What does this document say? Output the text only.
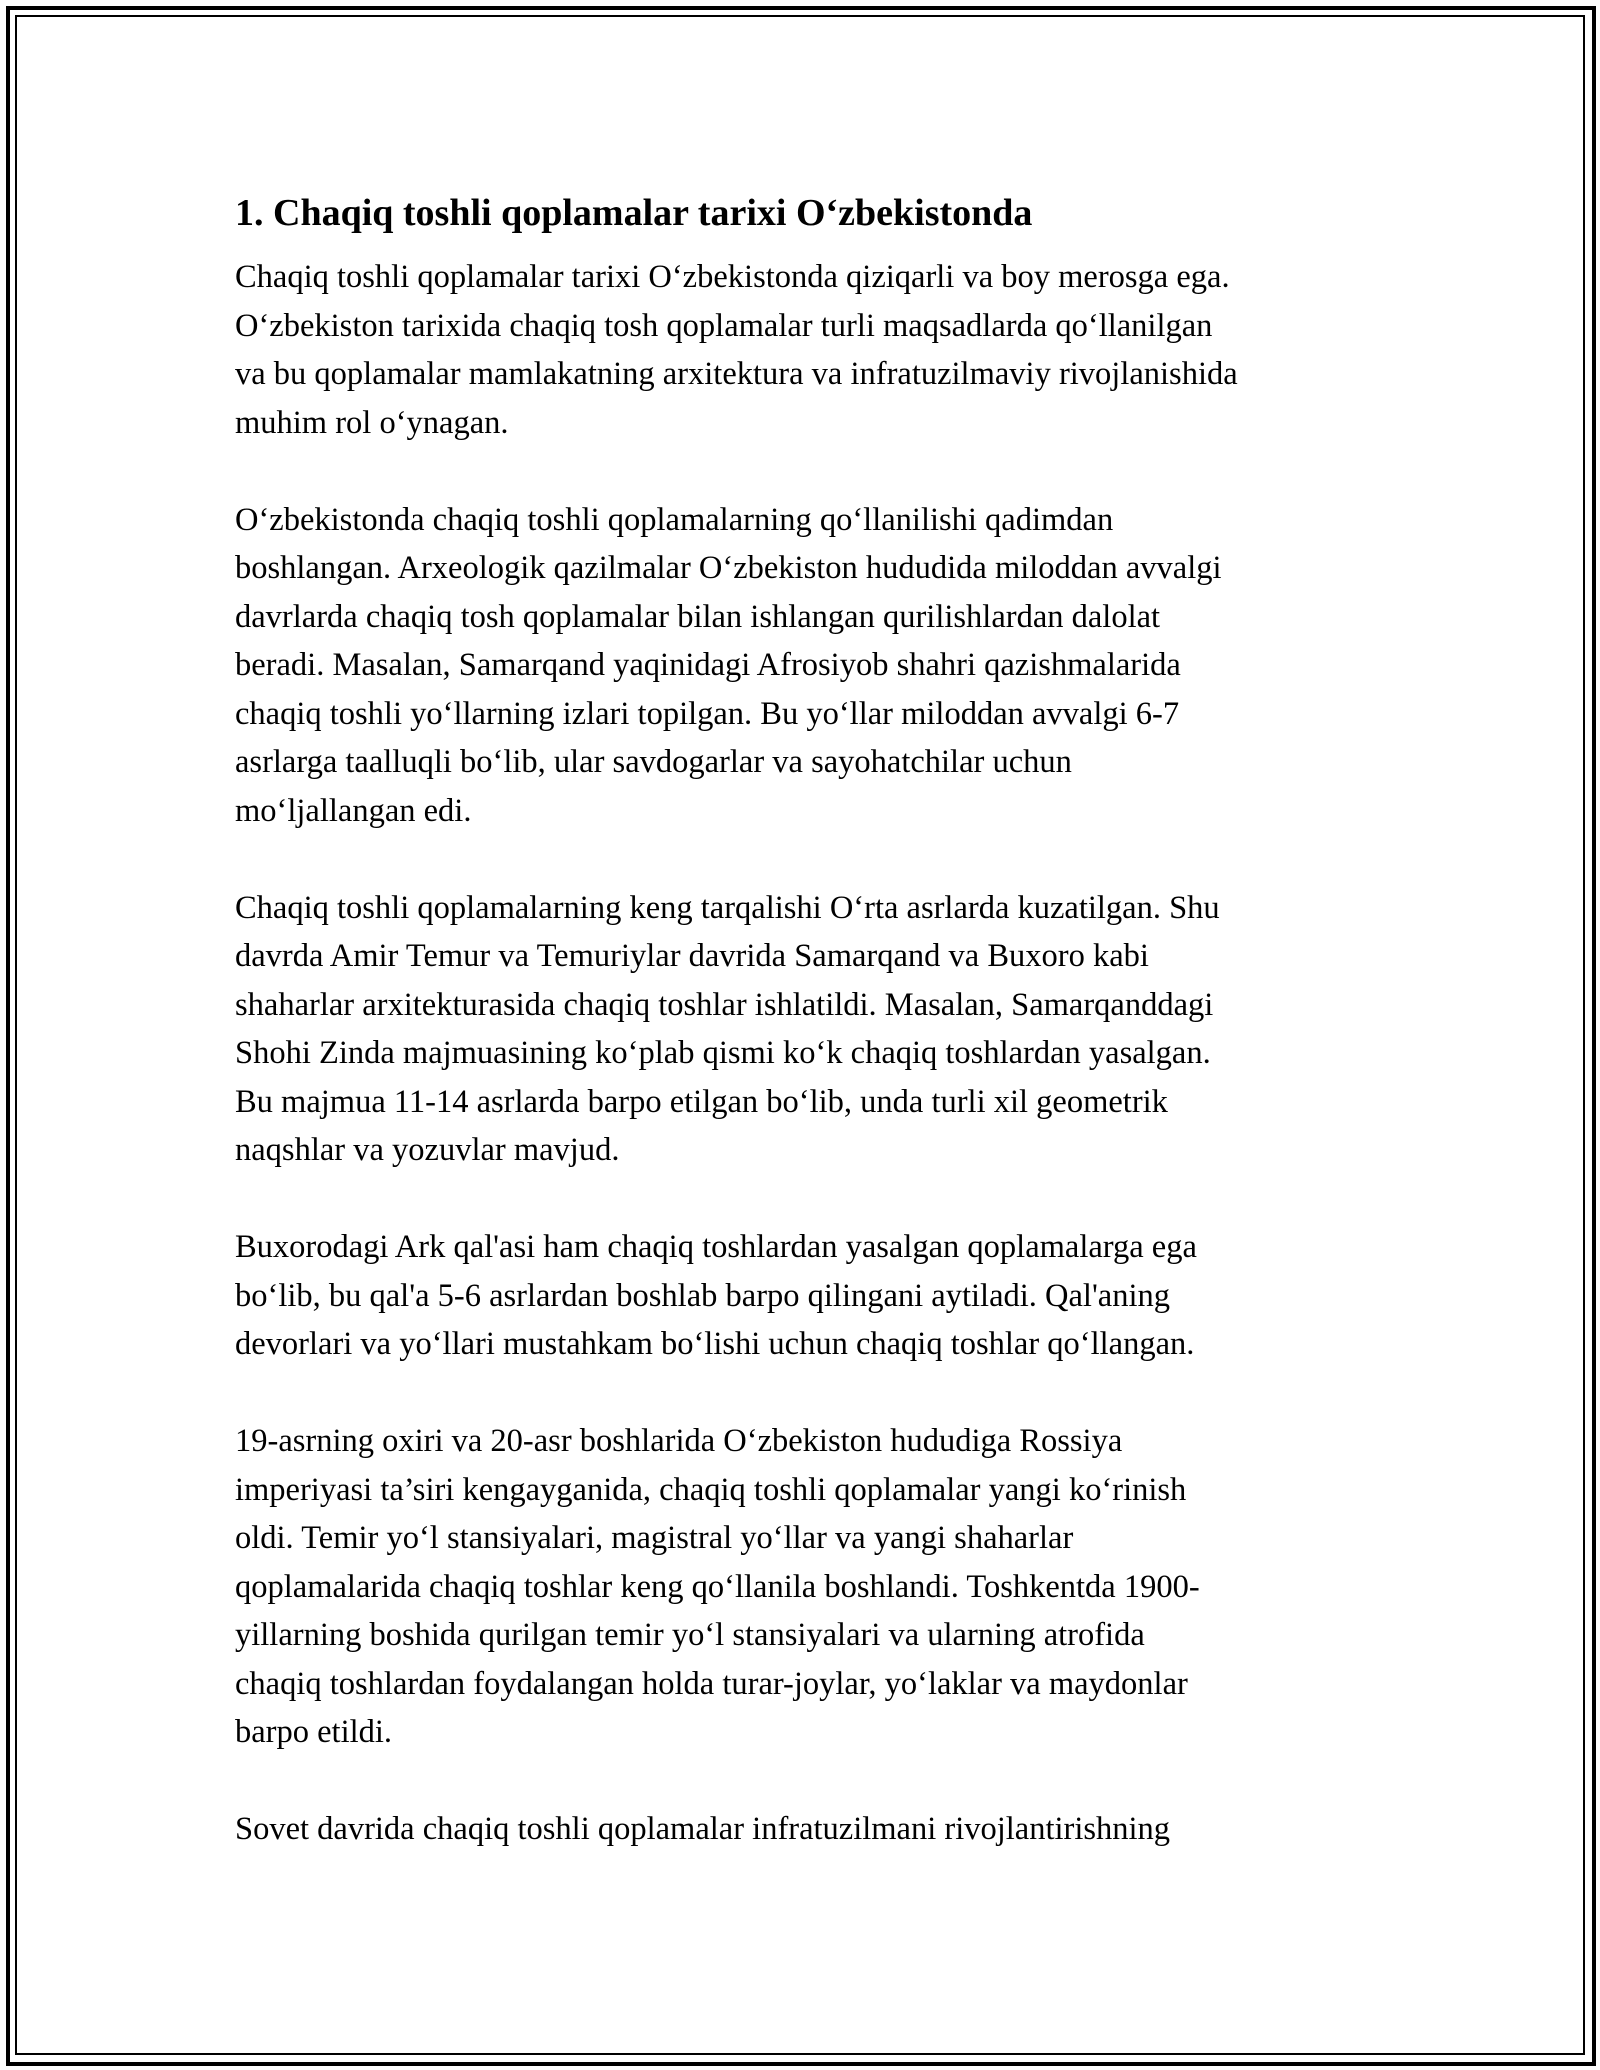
1. Chaqiq toshli qoplamalar tarixi O‘zbekistonda
Chaqiq toshli qoplamalar tarixi O‘zbekistonda qiziqarli va boy merosga ega.
O‘zbekiston tarixida chaqiq tosh qoplamalar turli maqsadlarda qo‘llanilgan
va bu qoplamalar mamlakatning arxitektura va infratuzilmaviy rivojlanishida
muhim rol o‘ynagan.
O‘zbekistonda chaqiq toshli qoplamalarning qo‘llanilishi qadimdan
boshlangan. Arxeologik qazilmalar O‘zbekiston hududida miloddan avvalgi
davrlarda chaqiq tosh qoplamalar bilan ishlangan qurilishlardan dalolat
beradi. Masalan, Samarqand yaqinidagi Afrosiyob shahri qazishmalarida
chaqiq toshli yo‘llarning izlari topilgan. Bu yo‘llar miloddan avvalgi 6-7
asrlarga taalluqli bo‘lib, ular savdogarlar va sayohatchilar uchun
mo‘ljallangan edi.
Chaqiq toshli qoplamalarning keng tarqalishi O‘rta asrlarda kuzatilgan. Shu
davrda Amir Temur va Temuriylar davrida Samarqand va Buxoro kabi
shaharlar arxitekturasida chaqiq toshlar ishlatildi. Masalan, Samarqanddagi
Shohi Zinda majmuasining ko‘plab qismi ko‘k chaqiq toshlardan yasalgan.
Bu majmua 11-14 asrlarda barpo etilgan bo‘lib, unda turli xil geometrik
naqshlar va yozuvlar mavjud.
Buxorodagi Ark qal'asi ham chaqiq toshlardan yasalgan qoplamalarga ega
bo‘lib, bu qal'a 5-6 asrlardan boshlab barpo qilingani aytiladi. Qal'aning
devorlari va yo‘llari mustahkam bo‘lishi uchun chaqiq toshlar qo‘llangan.
19-asrning oxiri va 20-asr boshlarida O‘zbekiston hududiga Rossiya
imperiyasi ta’siri kengayganida, chaqiq toshli qoplamalar yangi ko‘rinish
oldi. Temir yo‘l stansiyalari, magistral yo‘llar va yangi shaharlar
qoplamalarida chaqiq toshlar keng qo‘llanila boshlandi. Toshkentda 1900-
yillarning boshida qurilgan temir yo‘l stansiyalari va ularning atrofida
chaqiq toshlardan foydalangan holda turar-joylar, yo‘laklar va maydonlar
barpo etildi.
Sovet davrida chaqiq toshli qoplamalar infratuzilmani rivojlantirishning
